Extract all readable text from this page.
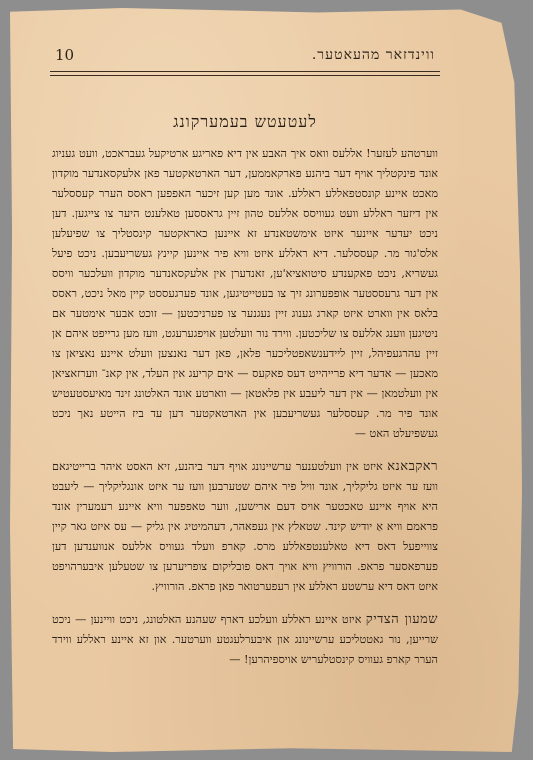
10	ווינדזאר מהעאטער.
לעטעטש בעמערקונג

ווערטהע לעזער! אללעס וואס איך האבע אין דיא פאריגע ארטיקעל געבראכט, וועט געניוג אונד פינקטליך אויף דער ביהנע פארקאממען, דער הארטאקטער פאן אלעקסאנדער מוקדון מאכט איינע קונסטפאללע ראללע. אונד מען קען זיכער האפפען ראסס הערר קעססלער אין דיזער ראללע וועט געוויסס אללעס טהון זיין גראססען טאלענט היער צו צייגען. דען ניכט יעדער איינער איזט אימשטאנדע זא איינען כאראקטער קינסטליך צו שפיעלען אלס'גור מר. קעססלער. דיא ראללע איזט וויא פיר איינען קיינץ געשריעבען. ניכט פיעל געשריא, ניכט פאקענדע סיטואציא'ען, זאנדערן אין אלעקסאנדער מוקדון וועלכער וויסס אין דער גרעססטער אופפערונג זיך צו בעטייטיגען, אונד פערגעססט קיין מאל ניכט, ראסס בלאס אין ווארט איזט קארג גענוג זיין נעגנער צו פערניכטען — זוכט אבער אימטער אם ניטיגען ווענג אללעס צו שליכטען. ווירד נור וועלטען אויפגערעגט, וועז מען גרייפט איהם אן זיין עהרגעפיהל, זיין ליידענשאפטליכער פלאן, פאן דער נאנצען וועלט איינע נאציאן צו מאכען — אדער דיא פרייהייט דעס פאקעס — אים קריעג אין העלד, אין קאנ־ ווערזאציאן אין וועלטמאן — אין דער ליעבע אין פלאטאן — ווארטע אונד האלטונג זינד מאיעסטעטיש אונד פיר מר. קעססלער געשריעבען אין הארטאקטער דען עד ביז הייטע נאך ניכט געשפיעלט האט —

ראקבאנא איזט אין וועלטענער ערשיינונג אויף דער ביהנע, זיא האסט איהר ברייטיגאם וועז ער איזט גליקליך, אונד וויל פיר איהם שטערבען וועז ער איזט אונגליקליך — ליעבט היא אויף איינע טאכטער אויס דעם ארישען, ווער טאפפער וויא איינע רעמערין אונד פראמם וויא אַ יודיש קינד. שטאלץ אין געפאהר, דעהמיטיג אין גליק — עס איזט גאר קיין צווייפעל דאס דיא טאלענטפאללע מרס. קארפ וועלד געוויס אללעס אנווענדען דען פערפאסער פראפ. הורוויץ וויא אויך דאס פובליקום צופריערען צו שטעלען איבערהויפט איזט דאס דיא ערשטע ראללע אין רעפערטואר פאן פראפ. הורוויץ.

שמעון הצדיק איזט איינע ראללע וועלכע דארף שעהנע האלטונג, ניכט וויינען — ניכט שרייען, נור גאטטליכע ערשיינונג און איבערלעגטע ווערטער. און זא איינע ראללע ווירד הערר קארפ געוויס קינסטלעריש אויספיהרען! —
